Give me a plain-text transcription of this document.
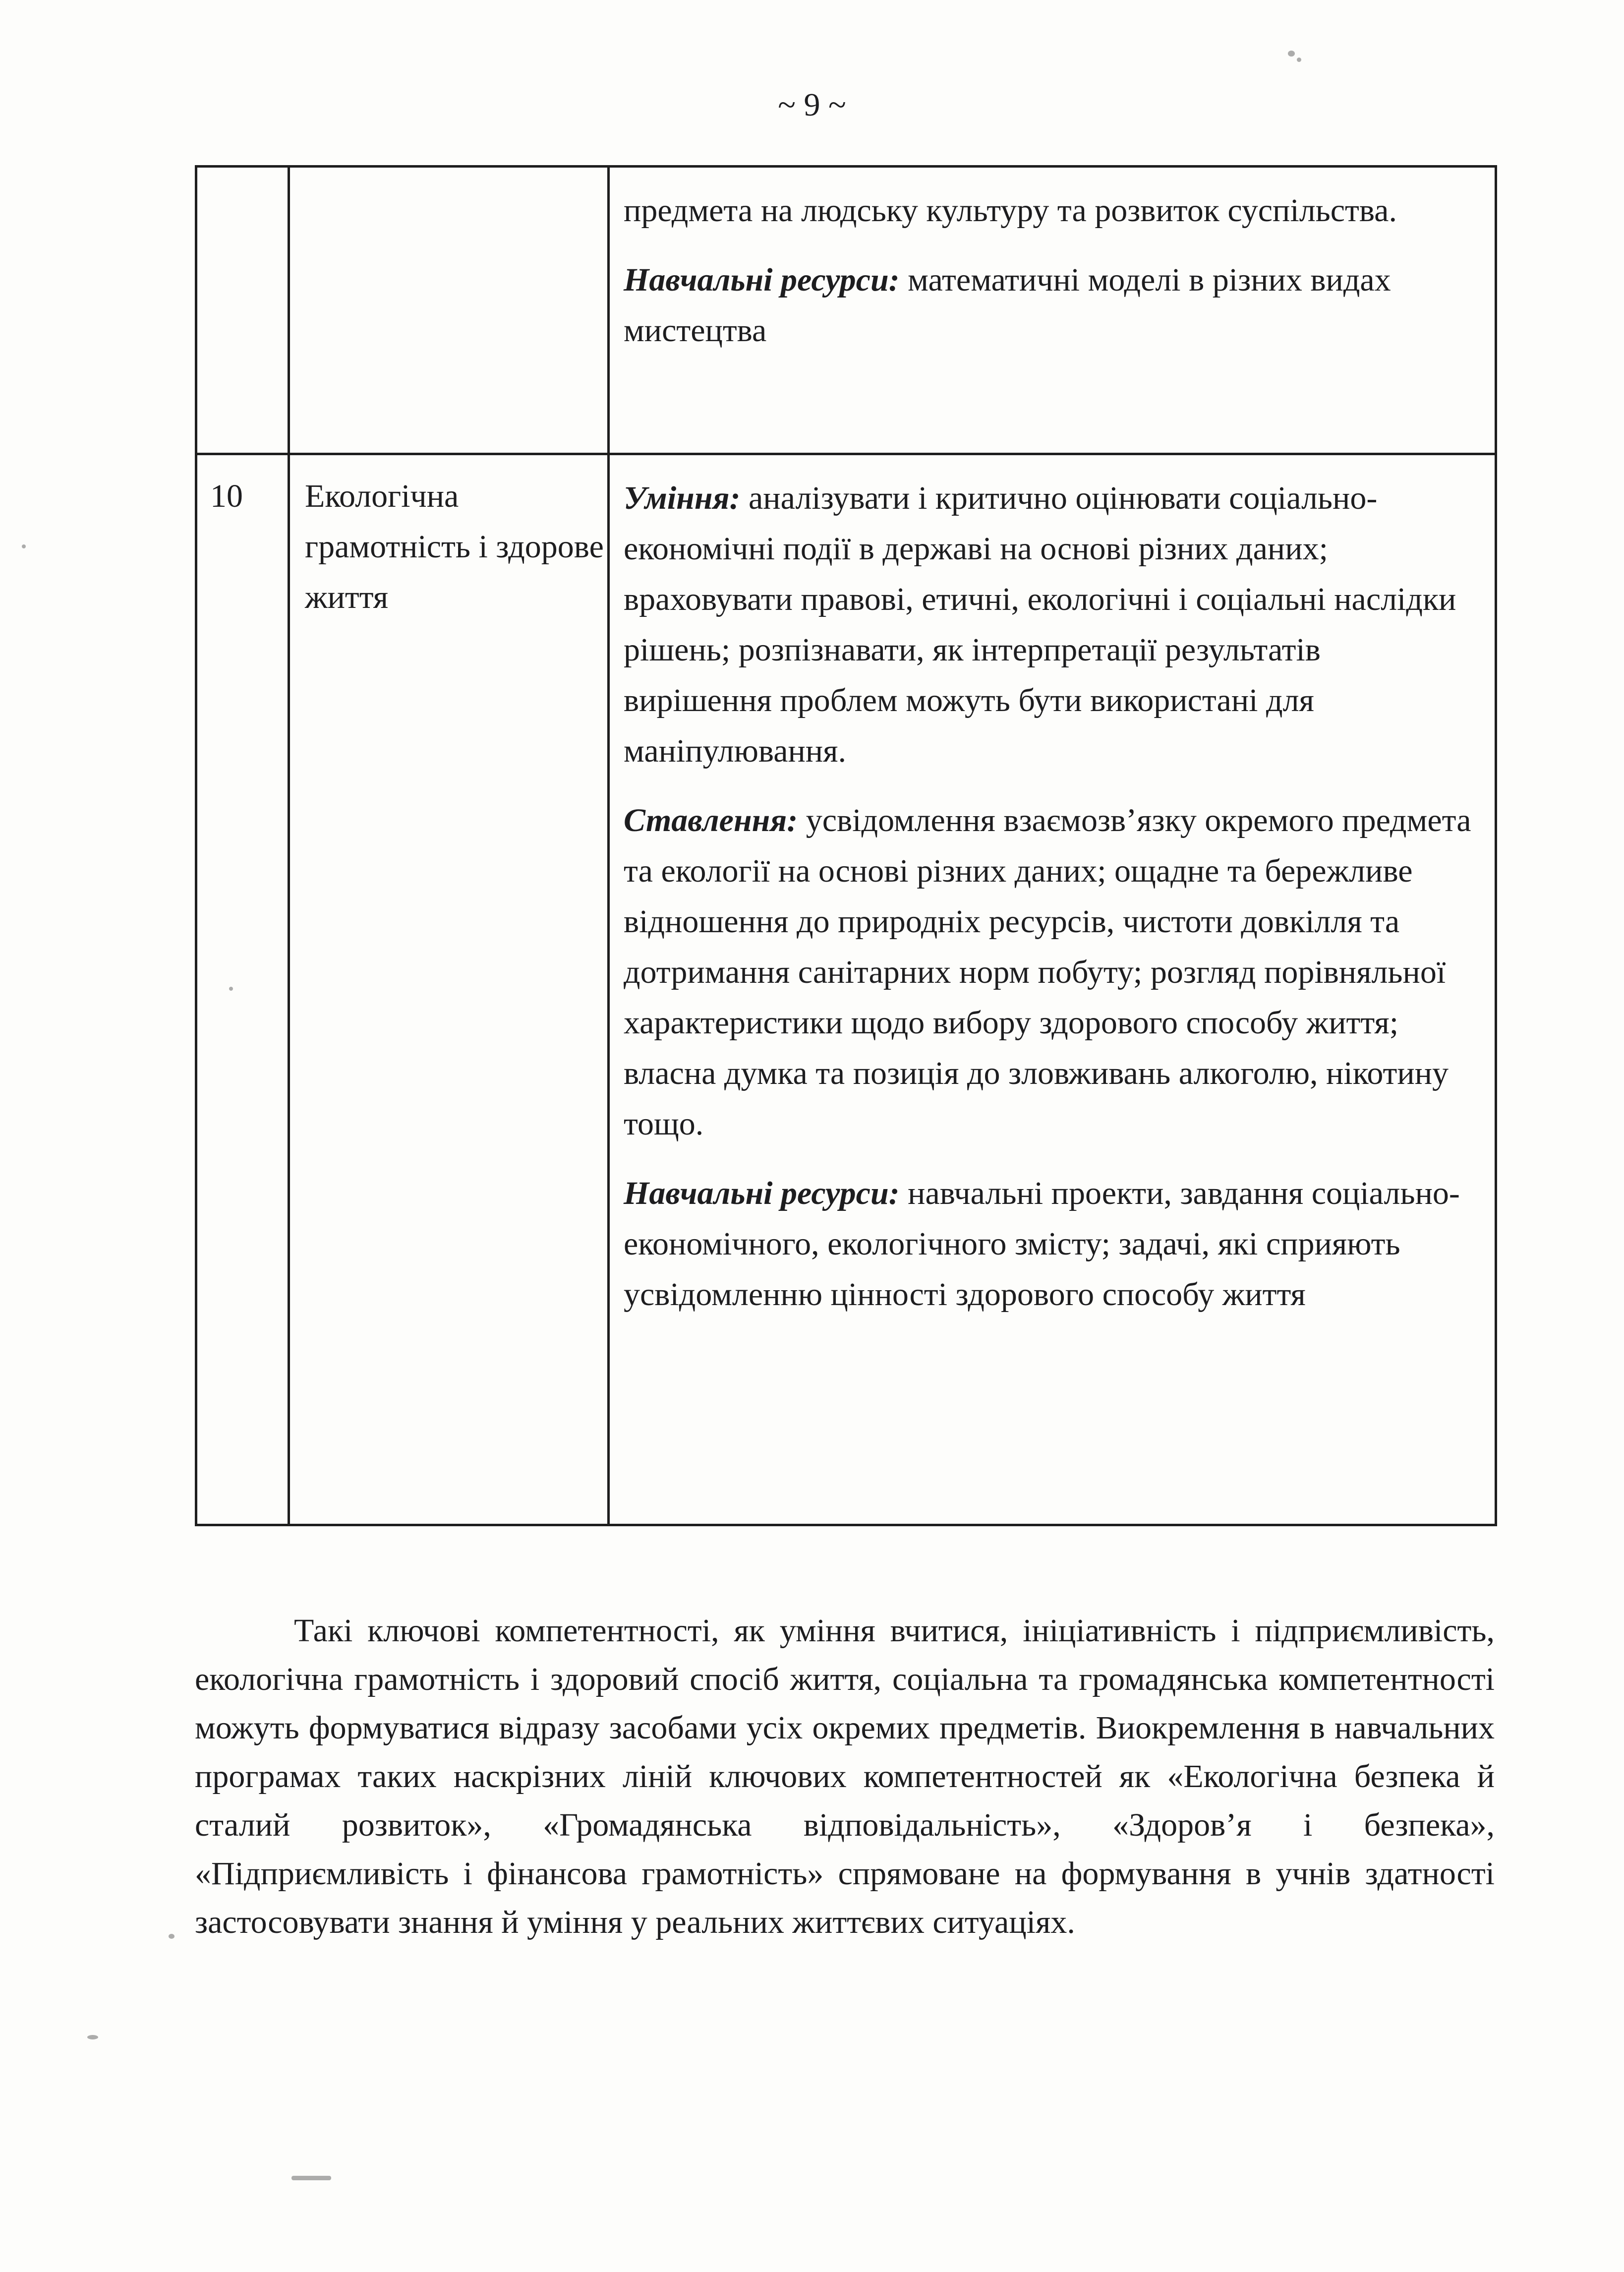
~ 9 ~

		предмета на людську культуру та розвиток суспільства.

Навчальні ресурси: математичні моделі в різних видах мистецтва

10	Екологічна грамотність і здорове життя	Уміння: аналізувати і критично оцінювати соціально-економічні події в державі на основі різних даних; враховувати правові, етичні, екологічні і соціальні наслідки рішень; розпізнавати, як інтерпретації результатів вирішення проблем можуть бути використані для маніпулювання.

Ставлення: усвідомлення взаємозв’язку окремого предмета та екології на основі різних даних; ощадне та бережливе відношення до природніх ресурсів, чистоти довкілля та дотримання санітарних норм побуту; розгляд порівняльної характеристики щодо вибору здорового способу життя; власна думка та позиція до зловживань алкоголю, нікотину тощо.

Навчальні ресурси: навчальні проекти, завдання соціально-економічного, екологічного змісту; задачі, які сприяють усвідомленню цінності здорового способу життя

Такі ключові компетентності, як уміння вчитися, ініціативність і підприємливість, екологічна грамотність і здоровий спосіб життя, соціальна та громадянська компетентності можуть формуватися відразу засобами усіх окремих предметів. Виокремлення в навчальних програмах таких наскрізних ліній ключових компетентностей як «Екологічна безпека й сталий розвиток», «Громадянська відповідальність», «Здоров’я і безпека», «Підприємливість і фінансова грамотність» спрямоване на формування в учнів здатності застосовувати знання й уміння у реальних життєвих ситуаціях.
